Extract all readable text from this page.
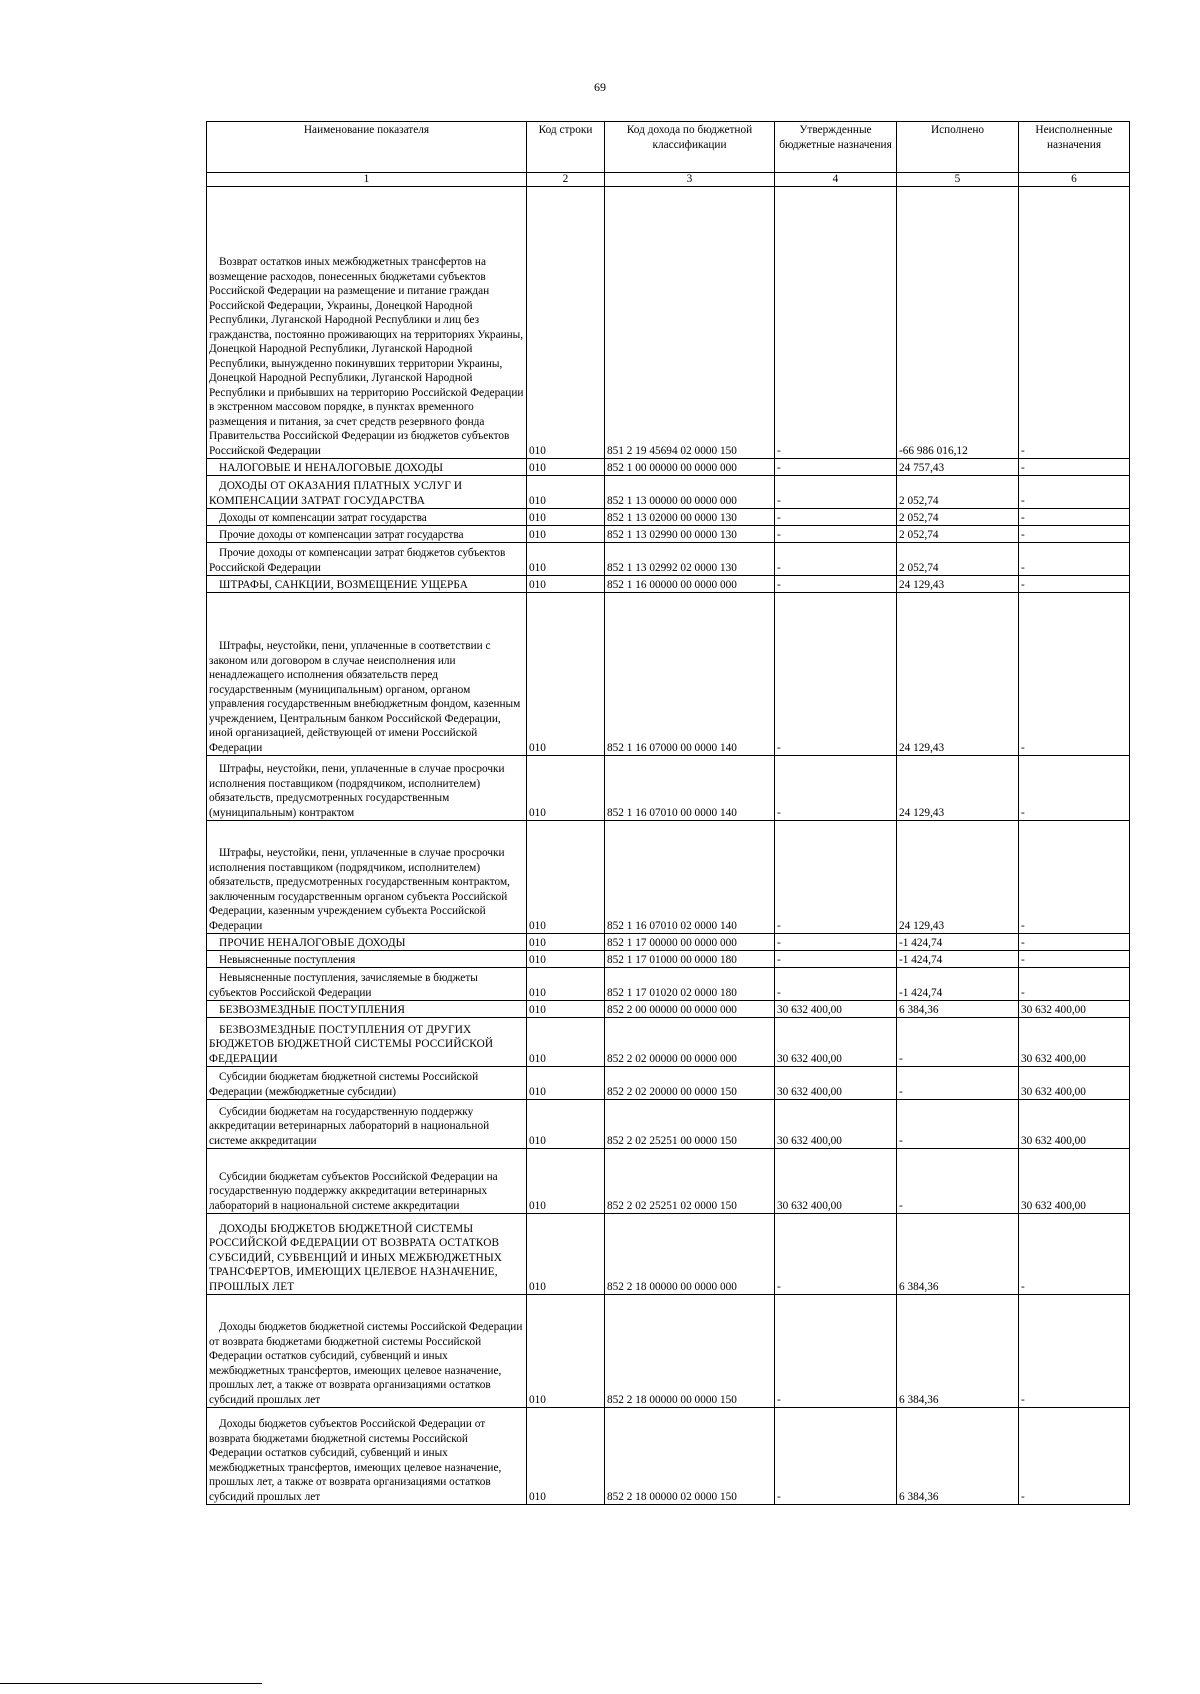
69
Наименование показателя	Код строки	Код дохода по бюджетной классификации	Утвержденные бюджетные назначения	Исполнено	Неисполненные назначения
1	2	3	4	5	6
Возврат остатков иных межбюджетных трансфертов на возмещение расходов, понесенных бюджетами субъектов Российской Федерации на размещение и питание граждан Российской Федерации, Украины, Донецкой Народной Республики, Луганской Народной Республики и лиц без гражданства, постоянно проживающих на территориях Украины, Донецкой Народной Республики, Луганской Народной Республики, вынужденно покинувших территории Украины, Донецкой Народной Республики, Луганской Народной Республики и прибывших на территорию Российской Федерации в экстренном массовом порядке, в пунктах временного размещения и питания, за счет средств резервного фонда Правительства Российской Федерации из бюджетов субъектов Российской Федерации	010	851 2 19 45694 02 0000 150	-	-66 986 016,12	-
НАЛОГОВЫЕ И НЕНАЛОГОВЫЕ ДОХОДЫ	010	852 1 00 00000 00 0000 000	-	24 757,43	-
ДОХОДЫ ОТ ОКАЗАНИЯ ПЛАТНЫХ УСЛУГ И КОМПЕНСАЦИИ ЗАТРАТ ГОСУДАРСТВА	010	852 1 13 00000 00 0000 000	-	2 052,74	-
Доходы от компенсации затрат государства	010	852 1 13 02000 00 0000 130	-	2 052,74	-
Прочие доходы от компенсации затрат государства	010	852 1 13 02990 00 0000 130	-	2 052,74	-
Прочие доходы от компенсации затрат бюджетов субъектов Российской Федерации	010	852 1 13 02992 02 0000 130	-	2 052,74	-
ШТРАФЫ, САНКЦИИ, ВОЗМЕЩЕНИЕ УЩЕРБА	010	852 1 16 00000 00 0000 000	-	24 129,43	-
Штрафы, неустойки, пени, уплаченные в соответствии с законом или договором в случае неисполнения или ненадлежащего исполнения обязательств перед государственным (муниципальным) органом, органом управления государственным внебюджетным фондом, казенным учреждением, Центральным банком Российской Федерации, иной организацией, действующей от имени Российской Федерации	010	852 1 16 07000 00 0000 140	-	24 129,43	-
Штрафы, неустойки, пени, уплаченные в случае просрочки исполнения поставщиком (подрядчиком, исполнителем) обязательств, предусмотренных государственным (муниципальным) контрактом	010	852 1 16 07010 00 0000 140	-	24 129,43	-
Штрафы, неустойки, пени, уплаченные в случае просрочки исполнения поставщиком (подрядчиком, исполнителем) обязательств, предусмотренных государственным контрактом, заключенным государственным органом субъекта Российской Федерации, казенным учреждением субъекта Российской Федерации	010	852 1 16 07010 02 0000 140	-	24 129,43	-
ПРОЧИЕ НЕНАЛОГОВЫЕ ДОХОДЫ	010	852 1 17 00000 00 0000 000	-	-1 424,74	-
Невыясненные поступления	010	852 1 17 01000 00 0000 180	-	-1 424,74	-
Невыясненные поступления, зачисляемые в бюджеты субъектов Российской Федерации	010	852 1 17 01020 02 0000 180	-	-1 424,74	-
БЕЗВОЗМЕЗДНЫЕ ПОСТУПЛЕНИЯ	010	852 2 00 00000 00 0000 000	30 632 400,00	6 384,36	30 632 400,00
БЕЗВОЗМЕЗДНЫЕ ПОСТУПЛЕНИЯ ОТ ДРУГИХ БЮДЖЕТОВ БЮДЖЕТНОЙ СИСТЕМЫ РОССИЙСКОЙ ФЕДЕРАЦИИ	010	852 2 02 00000 00 0000 000	30 632 400,00	-	30 632 400,00
Субсидии бюджетам бюджетной системы Российской Федерации (межбюджетные субсидии)	010	852 2 02 20000 00 0000 150	30 632 400,00	-	30 632 400,00
Субсидии бюджетам на государственную поддержку аккредитации ветеринарных лабораторий в национальной системе аккредитации	010	852 2 02 25251 00 0000 150	30 632 400,00	-	30 632 400,00
Субсидии бюджетам субъектов Российской Федерации на государственную поддержку аккредитации ветеринарных лабораторий в национальной системе аккредитации	010	852 2 02 25251 02 0000 150	30 632 400,00	-	30 632 400,00
ДОХОДЫ БЮДЖЕТОВ БЮДЖЕТНОЙ СИСТЕМЫ РОССИЙСКОЙ ФЕДЕРАЦИИ ОТ ВОЗВРАТА ОСТАТКОВ СУБСИДИЙ, СУБВЕНЦИЙ И ИНЫХ МЕЖБЮДЖЕТНЫХ ТРАНСФЕРТОВ, ИМЕЮЩИХ ЦЕЛЕВОЕ НАЗНАЧЕНИЕ, ПРОШЛЫХ ЛЕТ	010	852 2 18 00000 00 0000 000	-	6 384,36	-
Доходы бюджетов бюджетной системы Российской Федерации от возврата бюджетами бюджетной системы Российской Федерации остатков субсидий, субвенций и иных межбюджетных трансфертов, имеющих целевое назначение, прошлых лет, а также от возврата организациями остатков субсидий прошлых лет	010	852 2 18 00000 00 0000 150	-	6 384,36	-
Доходы бюджетов субъектов Российской Федерации от возврата бюджетами бюджетной системы Российской Федерации остатков субсидий, субвенций и иных межбюджетных трансфертов, имеющих целевое назначение, прошлых лет, а также от возврата организациями остатков субсидий прошлых лет	010	852 2 18 00000 02 0000 150	-	6 384,36	-
